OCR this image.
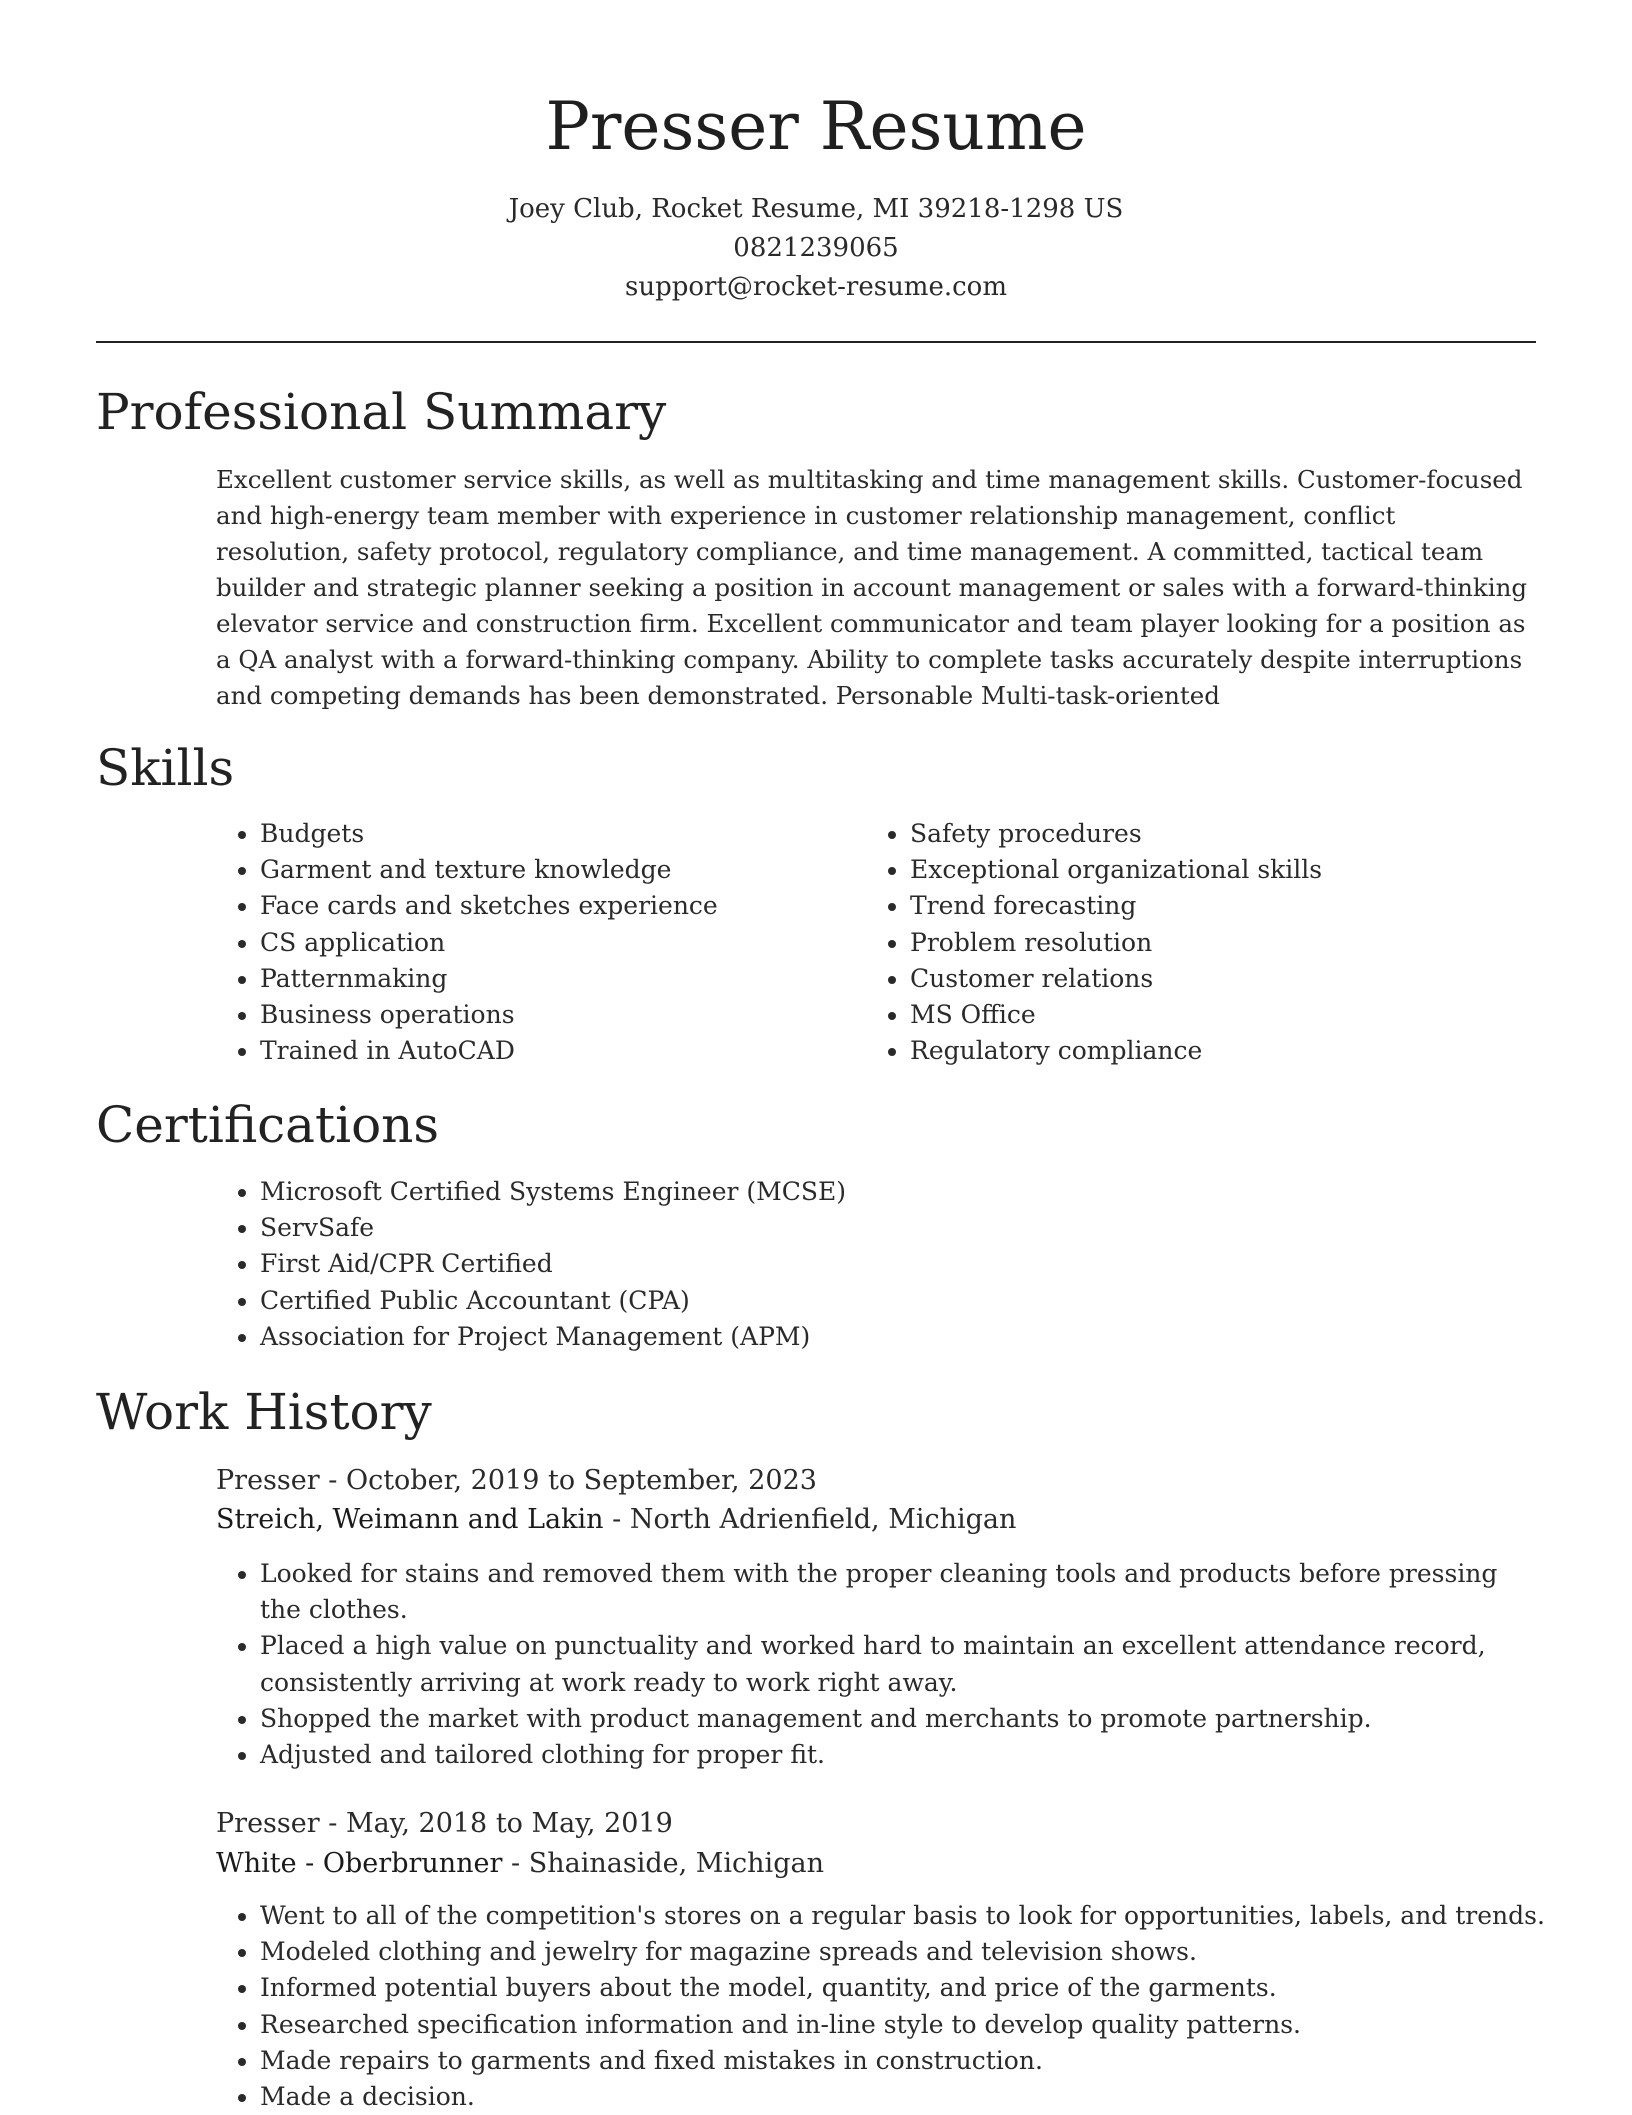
Presser Resume
Joey Club, Rocket Resume, MI 39218-1298 US
0821239065
support@rocket-resume.com
Professional Summary
Excellent customer service skills, as well as multitasking and time management skills. Customer-focused and high-energy team member with experience in customer relationship management, conflict resolution, safety protocol, regulatory compliance, and time management. A committed, tactical team builder and strategic planner seeking a position in account management or sales with a forward-thinking elevator service and construction firm. Excellent communicator and team player looking for a position as a QA analyst with a forward-thinking company. Ability to complete tasks accurately despite interruptions and competing demands has been demonstrated. Personable Multi-task-oriented
Skills
• Budgets
• Garment and texture knowledge
• Face cards and sketches experience
• CS application
• Patternmaking
• Business operations
• Trained in AutoCAD
• Safety procedures
• Exceptional organizational skills
• Trend forecasting
• Problem resolution
• Customer relations
• MS Office
• Regulatory compliance
Certifications
• Microsoft Certified Systems Engineer (MCSE)
• ServSafe
• First Aid/CPR Certified
• Certified Public Accountant (CPA)
• Association for Project Management (APM)
Work History
Presser - October, 2019 to September, 2023
Streich, Weimann and Lakin - North Adrienfield, Michigan
• Looked for stains and removed them with the proper cleaning tools and products before pressing the clothes.
• Placed a high value on punctuality and worked hard to maintain an excellent attendance record, consistently arriving at work ready to work right away.
• Shopped the market with product management and merchants to promote partnership.
• Adjusted and tailored clothing for proper fit.
Presser - May, 2018 to May, 2019
White - Oberbrunner - Shainaside, Michigan
• Went to all of the competition's stores on a regular basis to look for opportunities, labels, and trends.
• Modeled clothing and jewelry for magazine spreads and television shows.
• Informed potential buyers about the model, quantity, and price of the garments.
• Researched specification information and in-line style to develop quality patterns.
• Made repairs to garments and fixed mistakes in construction.
• Made a decision.
